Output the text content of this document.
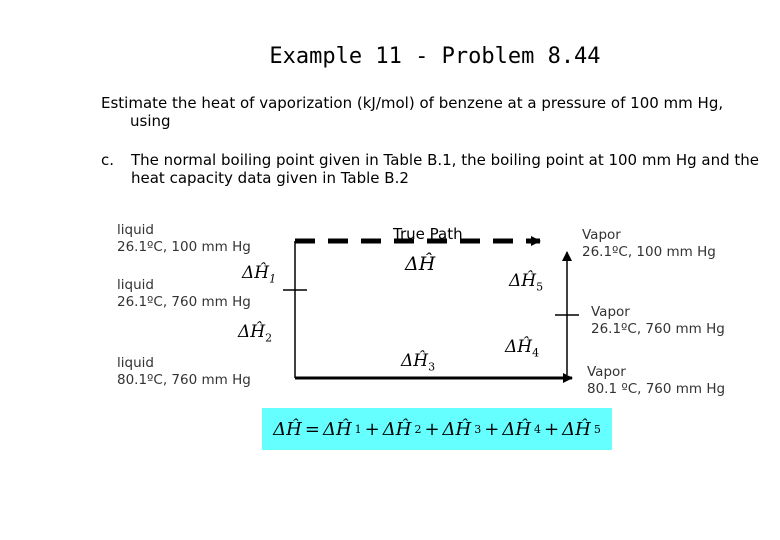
Example 11 - Problem 8.44
Estimate the heat of vaporization (kJ/mol) of benzene at a pressure of 100 mm Hg,
using
c. The normal boiling point given in Table B.1, the boiling point at 100 mm Hg and the
heat capacity data given in Table B.2
liquid
26.1ºC, 100 mm Hg
liquid
26.1ºC, 760 mm Hg
liquid
80.1ºC, 760 mm Hg
Vapor
26.1ºC, 100 mm Hg
Vapor
26.1ºC, 760 mm Hg
Vapor
80.1 ºC, 760 mm Hg
True Path
ΔĤ
$\Delta Ĥ_1$
$\Delta Ĥ_2$
$\Delta Ĥ_3$
$\Delta Ĥ_4$
$\Delta Ĥ_5$
ΔĤ = ΔĤ 1 + ΔĤ 2 + ΔĤ 3 + ΔĤ 4 + ΔĤ 5
